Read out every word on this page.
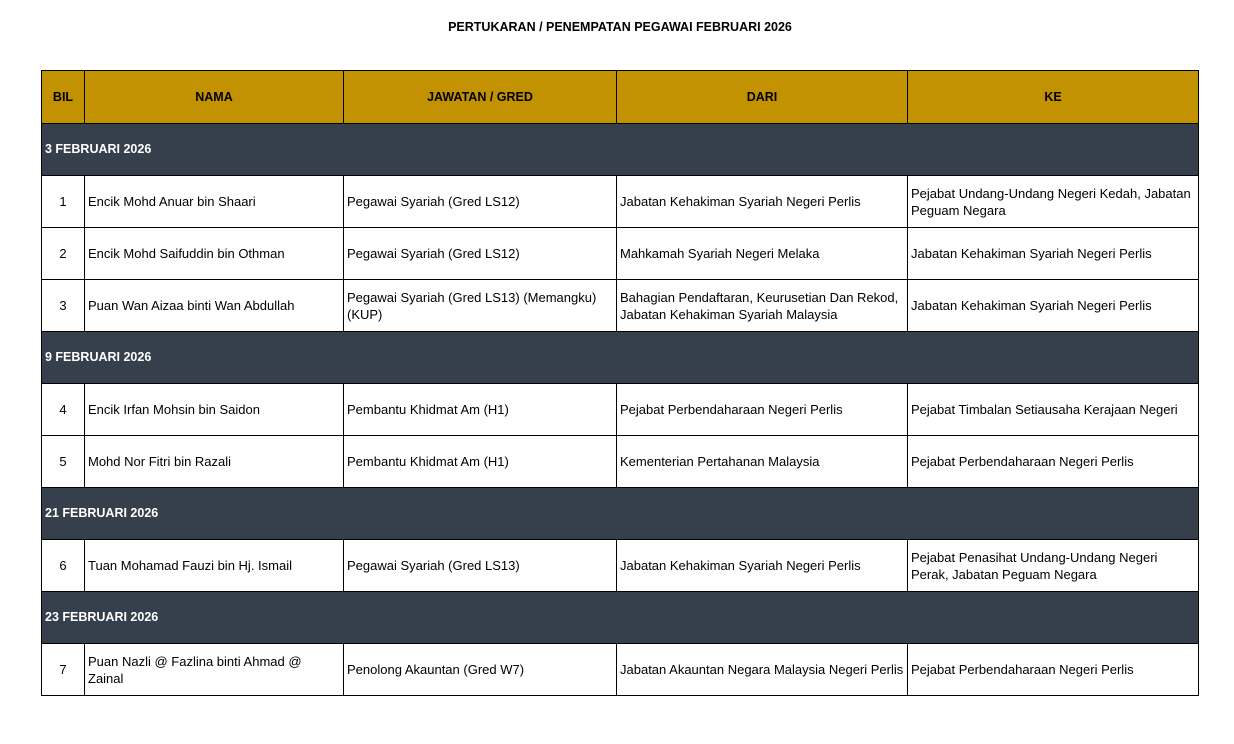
PERTUKARAN / PENEMPATAN PEGAWAI FEBRUARI 2026
BIL	NAMA	JAWATAN / GRED	DARI	KE
3 FEBRUARI 2026				
1	Encik Mohd Anuar bin Shaari	Pegawai Syariah (Gred LS12)	Jabatan Kehakiman Syariah Negeri Perlis	Pejabat Undang-Undang Negeri Kedah, Jabatan Peguam Negara
2	Encik Mohd Saifuddin bin Othman	Pegawai Syariah (Gred LS12)	Mahkamah Syariah Negeri Melaka	Jabatan Kehakiman Syariah Negeri Perlis
3	Puan Wan Aizaa binti Wan Abdullah	Pegawai Syariah (Gred LS13) (Memangku) (KUP)	Bahagian Pendaftaran, Keurusetian Dan Rekod, Jabatan Kehakiman Syariah Malaysia	Jabatan Kehakiman Syariah Negeri Perlis
9 FEBRUARI 2026				
4	Encik Irfan Mohsin bin Saidon	Pembantu Khidmat Am (H1)	Pejabat Perbendaharaan Negeri Perlis	Pejabat Timbalan Setiausaha Kerajaan Negeri
5	Mohd Nor Fitri bin Razali	Pembantu Khidmat Am (H1)	Kementerian Pertahanan Malaysia	Pejabat Perbendaharaan Negeri Perlis
21 FEBRUARI 2026				
6	Tuan Mohamad Fauzi bin Hj. Ismail	Pegawai Syariah (Gred LS13)	Jabatan Kehakiman Syariah Negeri Perlis	Pejabat Penasihat Undang-Undang Negeri Perak, Jabatan Peguam Negara
23 FEBRUARI 2026				
7	Puan Nazli @ Fazlina binti Ahmad @ Zainal	Penolong Akauntan (Gred W7)	Jabatan Akauntan Negara Malaysia Negeri Perlis	Pejabat Perbendaharaan Negeri Perlis
